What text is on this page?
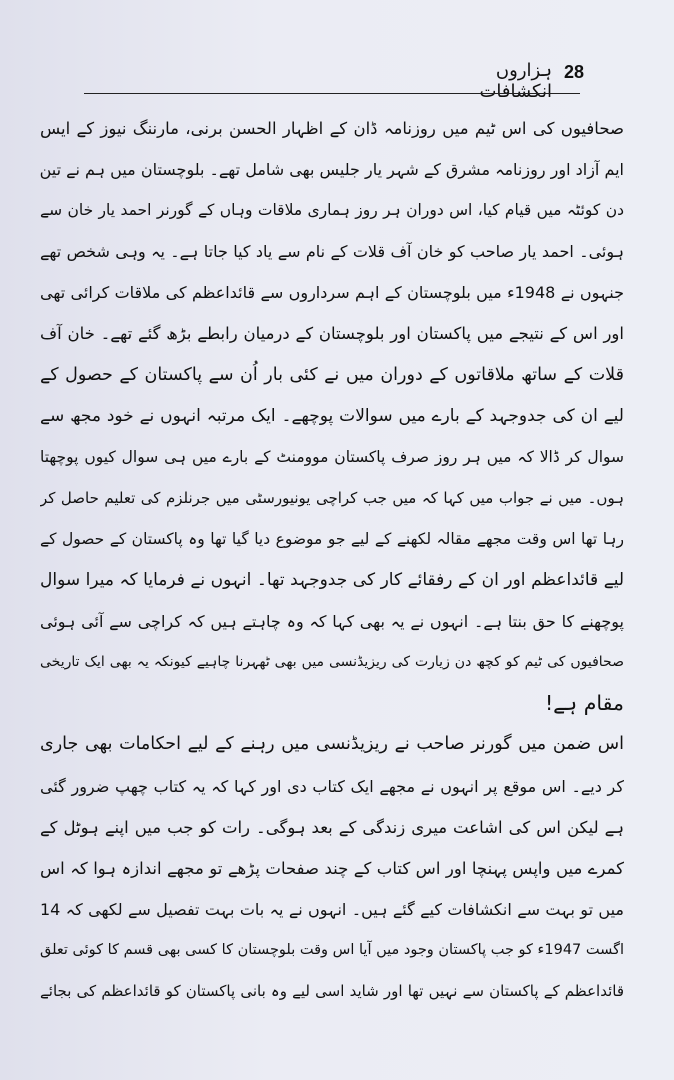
28
ہزاروں انکشافات
صحافیوں کی اس ٹیم میں روزنامہ ڈان کے اظہار الحسن برنی، مارننگ نیوز کے ایس
ایم آزاد اور روزنامہ مشرق کے شہر یار جلیس بھی شامل تھے۔ بلوچستان میں ہم نے تین
دن کوئٹہ میں قیام کیا، اس دوران ہر روز ہماری ملاقات وہاں کے گورنر احمد یار خان سے
ہوئی۔ احمد یار صاحب کو خان آف قلات کے نام سے یاد کیا جاتا ہے۔ یہ وہی شخص تھے
جنہوں نے 1948ء میں بلوچستان کے اہم سرداروں سے قائداعظم کی ملاقات کرائی تھی
اور اس کے نتیجے میں پاکستان اور بلوچستان کے درمیان رابطے بڑھ گئے تھے۔ خان آف
قلات کے ساتھ ملاقاتوں کے دوران میں نے کئی بار اُن سے پاکستان کے حصول کے
لیے ان کی جدوجہد کے بارے میں سوالات پوچھے۔ ایک مرتبہ انہوں نے خود مجھ سے
سوال کر ڈالا کہ میں ہر روز صرف پاکستان موومنٹ کے بارے میں ہی سوال کیوں پوچھتا
ہوں۔ میں نے جواب میں کہا کہ میں جب کراچی یونیورسٹی میں جرنلزم کی تعلیم حاصل کر
رہا تھا اس وقت مجھے مقالہ لکھنے کے لیے جو موضوع دیا گیا تھا وہ پاکستان کے حصول کے
لیے قائداعظم اور ان کے رفقائے کار کی جدوجہد تھا۔ انہوں نے فرمایا کہ میرا سوال
پوچھنے کا حق بنتا ہے۔ انہوں نے یہ بھی کہا کہ وہ چاہتے ہیں کہ کراچی سے آئی ہوئی
صحافیوں کی ٹیم کو کچھ دن زیارت کی ریزیڈنسی میں بھی ٹھہرنا چاہیے کیونکہ یہ بھی ایک تاریخی
مقام ہے!
اس ضمن میں گورنر صاحب نے ریزیڈنسی میں رہنے کے لیے احکامات بھی جاری
کر دیے۔ اس موقع پر انہوں نے مجھے ایک کتاب دی اور کہا کہ یہ کتاب چھپ ضرور گئی
ہے لیکن اس کی اشاعت میری زندگی کے بعد ہوگی۔ رات کو جب میں اپنے ہوٹل کے
کمرے میں واپس پہنچا اور اس کتاب کے چند صفحات پڑھے تو مجھے اندازہ ہوا کہ اس
میں تو بہت سے انکشافات کیے گئے ہیں۔ انہوں نے یہ بات بہت تفصیل سے لکھی کہ 14
اگست 1947ء کو جب پاکستان وجود میں آیا اس وقت بلوچستان کا کسی بھی قسم کا کوئی تعلق
قائداعظم کے پاکستان سے نہیں تھا اور شاید اسی لیے وہ بانی پاکستان کو قائداعظم کی بجائے
